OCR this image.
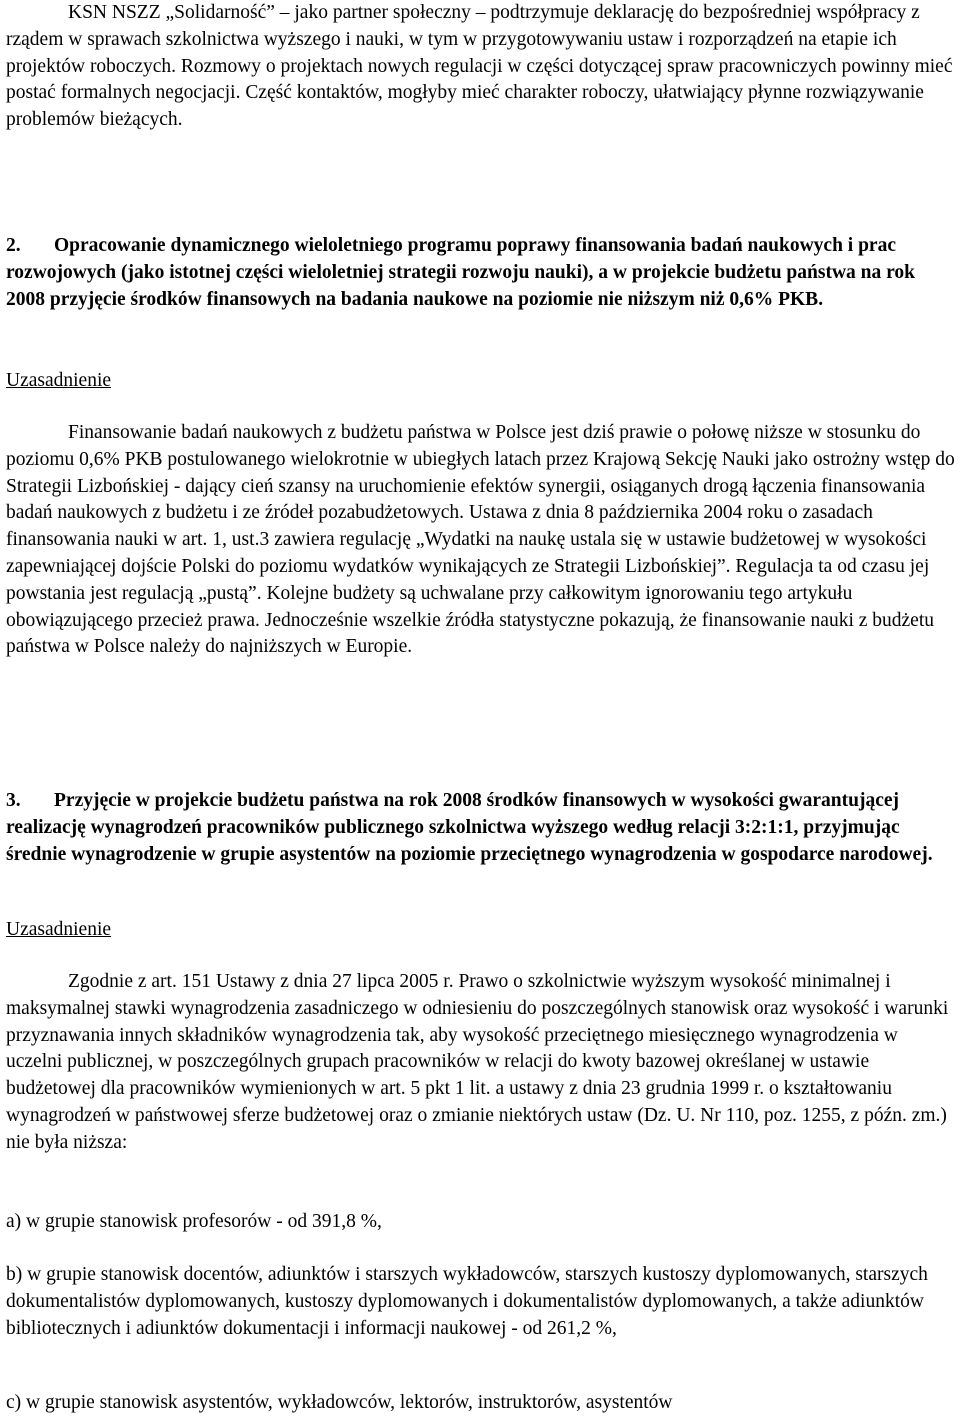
KSN NSZZ „Solidarność” – jako partner społeczny – podtrzymuje deklarację do bezpośredniej współpracy z rządem w sprawach szkolnictwa wyższego i nauki, w tym w przygotowywaniu ustaw i rozporządzeń na etapie ich projektów roboczych. Rozmowy o projektach nowych regulacji w części dotyczącej spraw pracowniczych powinny mieć postać formalnych negocjacji. Część kontaktów, mogłyby mieć charakter roboczy, ułatwiający płynne rozwiązywanie problemów bieżących.

2. Opracowanie dynamicznego wieloletniego programu poprawy finansowania badań naukowych i prac rozwojowych (jako istotnej części wieloletniej strategii rozwoju nauki), a w projekcie budżetu państwa na rok 2008 przyjęcie środków finansowych na badania naukowe na poziomie nie niższym niż 0,6% PKB.

Uzasadnienie

Finansowanie badań naukowych z budżetu państwa w Polsce jest dziś prawie o połowę niższe w stosunku do poziomu 0,6% PKB postulowanego wielokrotnie w ubiegłych latach przez Krajową Sekcję Nauki jako ostrożny wstęp do Strategii Lizbońskiej - dający cień szansy na uruchomienie efektów synergii, osiąganych drogą łączenia finansowania badań naukowych z budżetu i ze źródeł pozabudżetowych. Ustawa z dnia 8 października 2004 roku o zasadach finansowania nauki w art. 1, ust.3 zawiera regulację „Wydatki na naukę ustala się w ustawie budżetowej w wysokości zapewniającej dojście Polski do poziomu wydatków wynikających ze Strategii Lizbońskiej”. Regulacja ta od czasu jej powstania jest regulacją „pustą”. Kolejne budżety są uchwalane przy całkowitym ignorowaniu tego artykułu obowiązującego przecież prawa. Jednocześnie wszelkie źródła statystyczne pokazują, że finansowanie nauki z budżetu państwa w Polsce należy do najniższych w Europie.

3. Przyjęcie w projekcie budżetu państwa na rok 2008 środków finansowych w wysokości gwarantującej realizację wynagrodzeń pracowników publicznego szkolnictwa wyższego według relacji 3:2:1:1, przyjmując średnie wynagrodzenie w grupie asystentów na poziomie przeciętnego wynagrodzenia w gospodarce narodowej.

Uzasadnienie

Zgodnie z art. 151 Ustawy z dnia 27 lipca 2005 r. Prawo o szkolnictwie wyższym wysokość minimalnej i maksymalnej stawki wynagrodzenia zasadniczego w odniesieniu do poszczególnych stanowisk oraz wysokość i warunki przyznawania innych składników wynagrodzenia tak, aby wysokość przeciętnego miesięcznego wynagrodzenia w uczelni publicznej, w poszczególnych grupach pracowników w relacji do kwoty bazowej określanej w ustawie budżetowej dla pracowników wymienionych w art. 5 pkt 1 lit. a ustawy z dnia 23 grudnia 1999 r. o kształtowaniu wynagrodzeń w państwowej sferze budżetowej oraz o zmianie niektórych ustaw (Dz. U. Nr 110, poz. 1255, z późn. zm.) nie była niższa:

a) w grupie stanowisk profesorów - od 391,8 %,

b) w grupie stanowisk docentów, adiunktów i starszych wykładowców, starszych kustoszy dyplomowanych, starszych dokumentalistów dyplomowanych, kustoszy dyplomowanych i dokumentalistów dyplomowanych, a także adiunktów bibliotecznych i adiunktów dokumentacji i informacji naukowej - od 261,2 %,

c) w grupie stanowisk asystentów, wykładowców, lektorów, instruktorów, asystentów
